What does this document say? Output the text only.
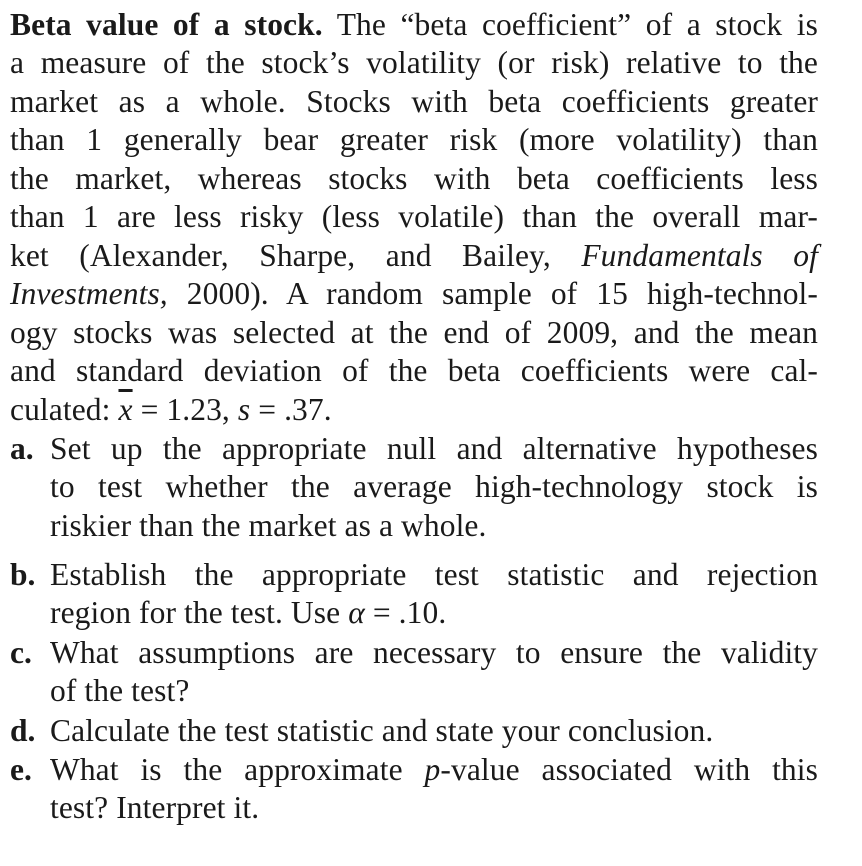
Beta value of a stock. The “beta coefficient” of a stock is
a measure of the stock’s volatility (or risk) relative to the
market as a whole. Stocks with beta coefficients greater
than 1 generally bear greater risk (more volatility) than
the market, whereas stocks with beta coefficients less
than 1 are less risky (less volatile) than the overall mar-
ket (Alexander, Sharpe, and Bailey, Fundamentals of
Investments, 2000). A random sample of 15 high-technol-
ogy stocks was selected at the end of 2009, and the mean
and standard deviation of the beta coefficients were cal-
culated: $\overline{x} = 1.23$, s = .37.
a. Set up the appropriate null and alternative hypotheses
to test whether the average high-technology stock is
riskier than the market as a whole.
b. Establish the appropriate test statistic and rejection
region for the test. Use α = .10.
c. What assumptions are necessary to ensure the validity
of the test?
d. Calculate the test statistic and state your conclusion.
e. What is the approximate p-value associated with this
test? Interpret it.
